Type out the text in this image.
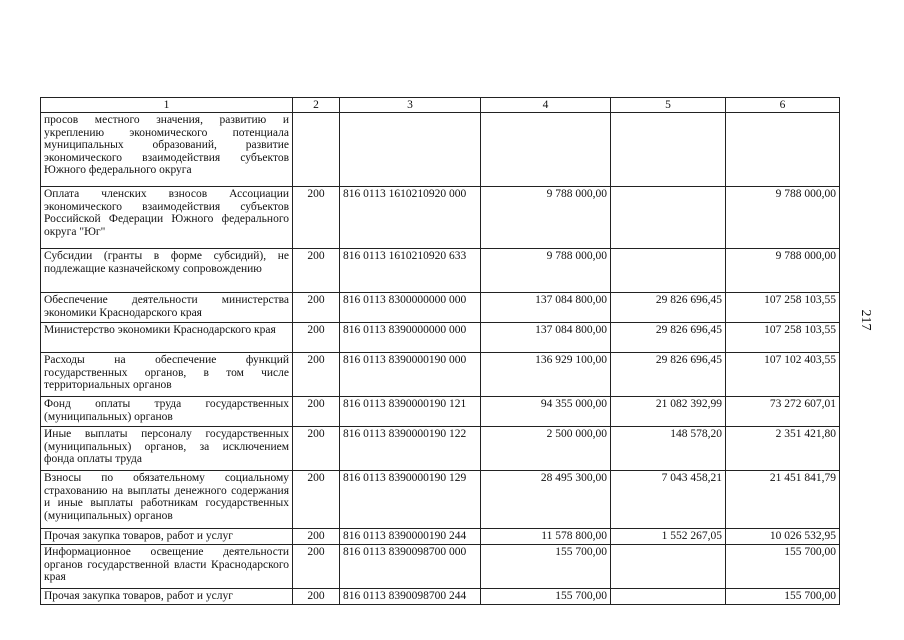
1	2	3	4	5	6
просов местного значения, развитию и укреплению экономического потенциала муниципальных образований, развитие экономического взаимодействия субъектов Южного федерального округа					
Оплата членских взносов Ассоциации экономического взаимодействия субъектов Российской Федерации Южного федерального округа "Юг"	200	816 0113 1610210920 000	9 788 000,00		9 788 000,00
Субсидии (гранты в форме субсидий), не подлежащие казначейскому сопровождению	200	816 0113 1610210920 633	9 788 000,00		9 788 000,00
Обеспечение деятельности министерства экономики Краснодарского края	200	816 0113 8300000000 000	137 084 800,00	29 826 696,45	107 258 103,55
Министерство экономики Краснодарского края	200	816 0113 8390000000 000	137 084 800,00	29 826 696,45	107 258 103,55
Расходы на обеспечение функций государственных органов, в том числе территориальных органов	200	816 0113 8390000190 000	136 929 100,00	29 826 696,45	107 102 403,55
Фонд оплаты труда государственных (муниципальных) органов	200	816 0113 8390000190 121	94 355 000,00	21 082 392,99	73 272 607,01
Иные выплаты персоналу государственных (муниципальных) органов, за исключением фонда оплаты труда	200	816 0113 8390000190 122	2 500 000,00	148 578,20	2 351 421,80
Взносы по обязательному социальному страхованию на выплаты денежного содержания и иные выплаты работникам государственных (муниципальных) органов	200	816 0113 8390000190 129	28 495 300,00	7 043 458,21	21 451 841,79
Прочая закупка товаров, работ и услуг	200	816 0113 8390000190 244	11 578 800,00	1 552 267,05	10 026 532,95
Информационное освещение деятельности органов государственной власти Краснодарского края	200	816 0113 8390098700 000	155 700,00		155 700,00
Прочая закупка товаров, работ и услуг	200	816 0113 8390098700 244	155 700,00		155 700,00
217
